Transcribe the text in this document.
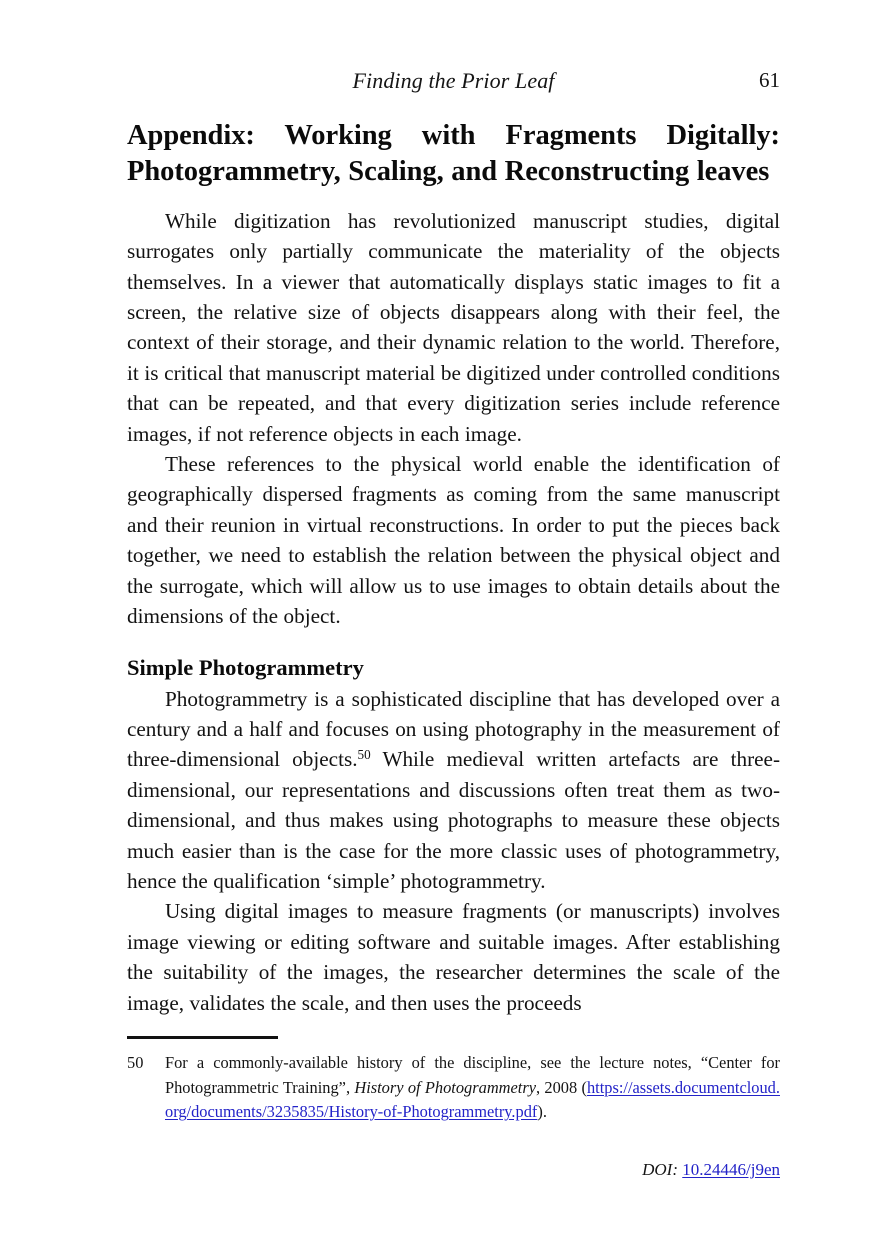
Finding the Prior Leaf	61
Appendix: Working with Fragments Digitally: Photogrammetry, Scaling, and Reconstructing leaves

While digitization has revolutionized manuscript studies, digital surrogates only partially communicate the materiality of the objects themselves. In a viewer that automatically displays static images to fit a screen, the relative size of objects disappears along with their feel, the context of their storage, and their dynamic relation to the world. Therefore, it is critical that manuscript material be digitized under controlled conditions that can be repeated, and that every digitization series include reference images, if not reference objects in each image.

These references to the physical world enable the identification of geographically dispersed fragments as coming from the same manuscript and their reunion in virtual reconstructions. In order to put the pieces back together, we need to establish the relation between the physical object and the surrogate, which will allow us to use images to obtain details about the dimensions of the object.

Simple Photogrammetry

Photogrammetry is a sophisticated discipline that has developed over a century and a half and focuses on using photography in the measurement of three-dimensional objects.$^{50}$ While medieval written artefacts are three-dimensional, our representations and discussions often treat them as two-dimensional, and thus makes using photographs to measure these objects much easier than is the case for the more classic uses of photogrammetry, hence the qualification ‘simple’ photogrammetry.

Using digital images to measure fragments (or manuscripts) involves image viewing or editing software and suitable images. After establishing the suitability of the images, the researcher determines the scale of the image, validates the scale, and then uses the proceeds

50	For a commonly-available history of the discipline, see the lecture notes, “Center for Photogrammetric Training”, History of Photogrammetry, 2008 (https://assets.documentcloud.org/documents/3235835/History-of-Photogrammetry.pdf).
DOI: 10.24446/j9en
